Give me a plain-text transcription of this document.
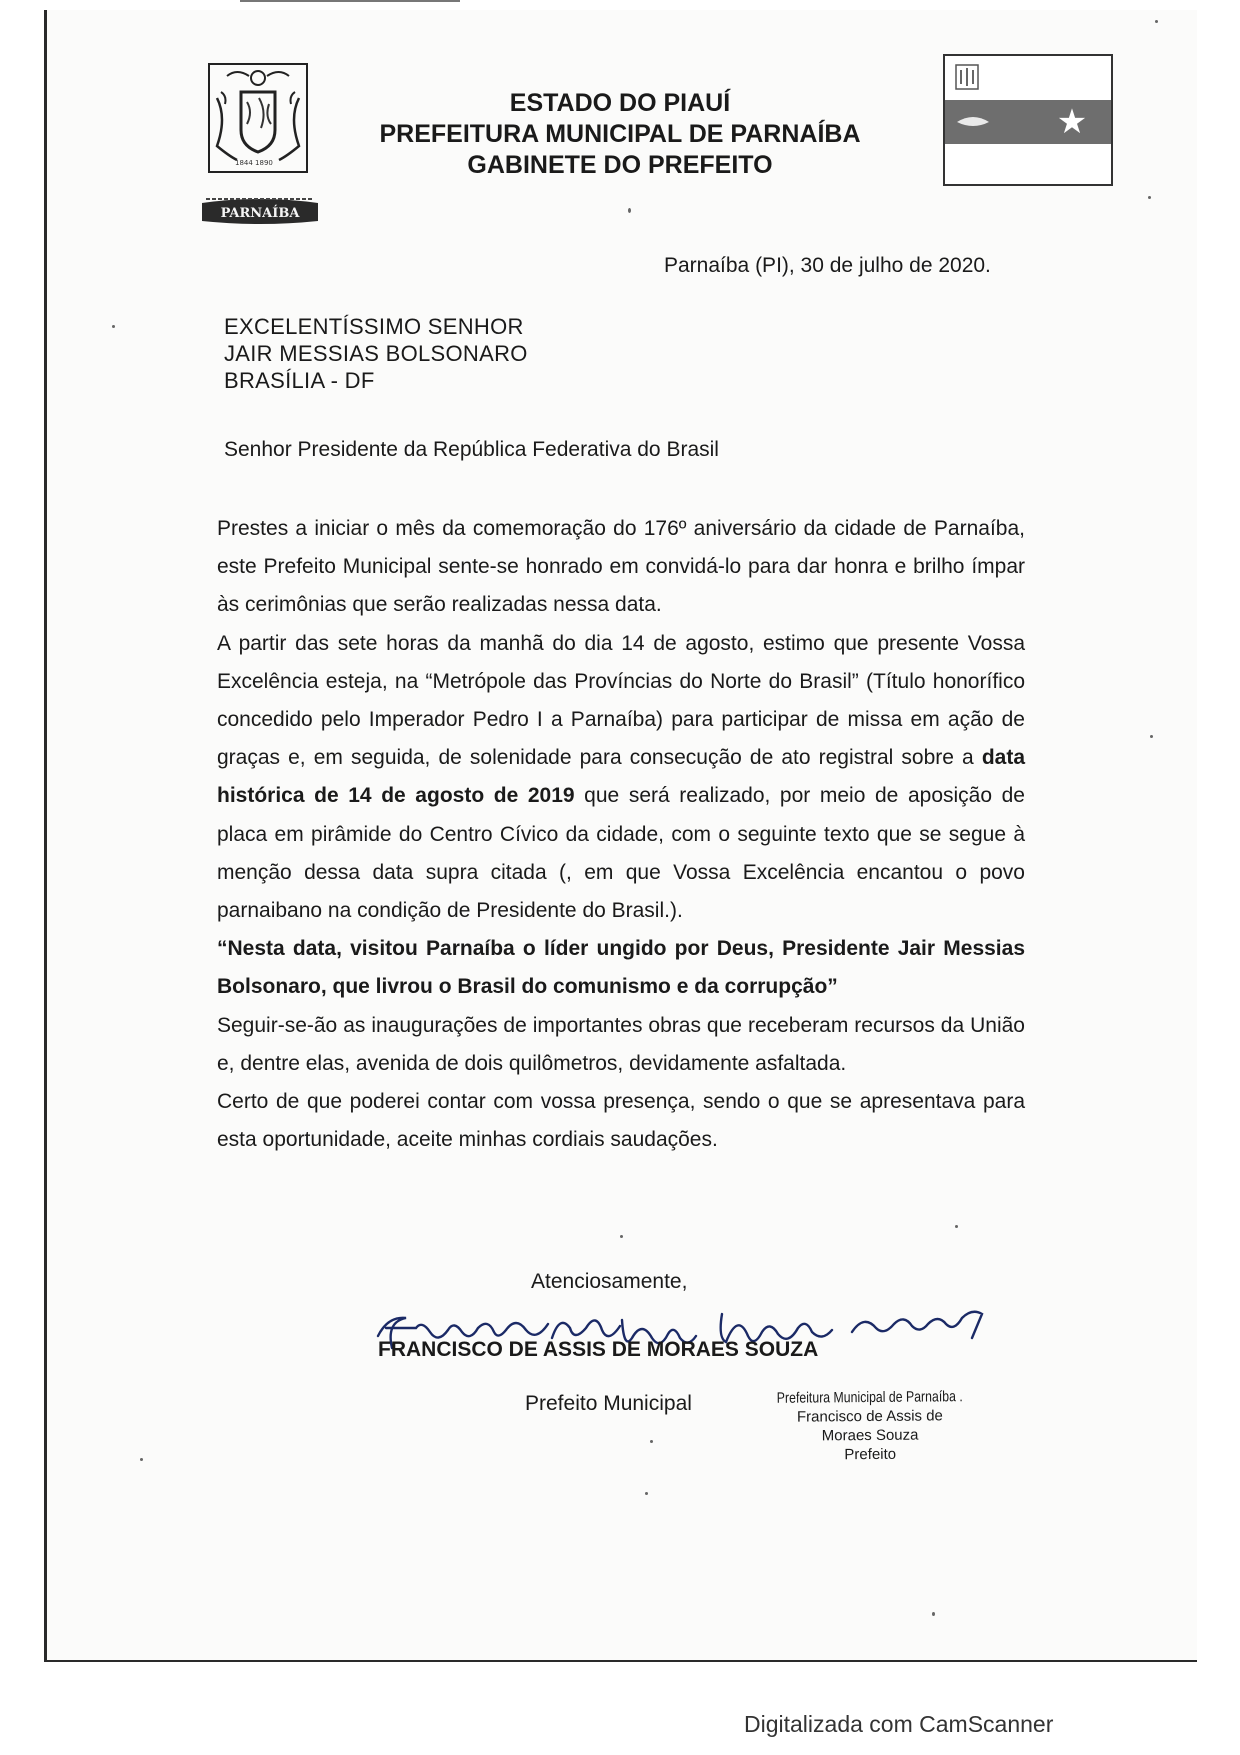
1844 1890
PARNAÍBA
ESTADO DO PIAUÍ
PREFEITURA MUNICIPAL DE PARNAÍBA
GABINETE DO PREFEITO
★
Parnaíba (PI), 30 de julho de 2020.
EXCELENTÍSSIMO SENHOR
JAIR MESSIAS BOLSONARO
BRASÍLIA - DF
Senhor Presidente da República Federativa do Brasil

Prestes a iniciar o mês da comemoração do 176º aniversário da cidade de Parnaíba, este Prefeito Municipal sente-se honrado em convidá-lo para dar honra e brilho ímpar às cerimônias que serão realizadas nessa data.

A partir das sete horas da manhã do dia 14 de agosto, estimo que presente Vossa Excelência esteja, na “Metrópole das Províncias do Norte do Brasil” (Título honorífico concedido pelo Imperador Pedro I a Parnaíba) para participar de missa em ação de graças e, em seguida, de solenidade para consecução de ato registral sobre a data histórica de 14 de agosto de 2019 que será realizado, por meio de aposição de placa em pirâmide do Centro Cívico da cidade, com o seguinte texto que se segue à menção dessa data supra citada (, em que Vossa Excelência encantou o povo parnaibano na condição de Presidente do Brasil.).

“Nesta data, visitou Parnaíba o líder ungido por Deus, Presidente Jair Messias Bolsonaro, que livrou o Brasil do comunismo e da corrupção”

Seguir-se-ão as inaugurações de importantes obras que receberam recursos da União e, dentre elas, avenida de dois quilômetros, devidamente asfaltada.

Certo de que poderei contar com vossa presença, sendo o que se apresentava para esta oportunidade, aceite minhas cordiais saudações.

Atenciosamente,
FRANCISCO DE ASSIS DE MORAES SOUZA
Prefeito Municipal	Prefeitura Municipal de Parnaíba .
Francisco de Assis de
Moraes Souza
Prefeito
Digitalizada com CamScanner
